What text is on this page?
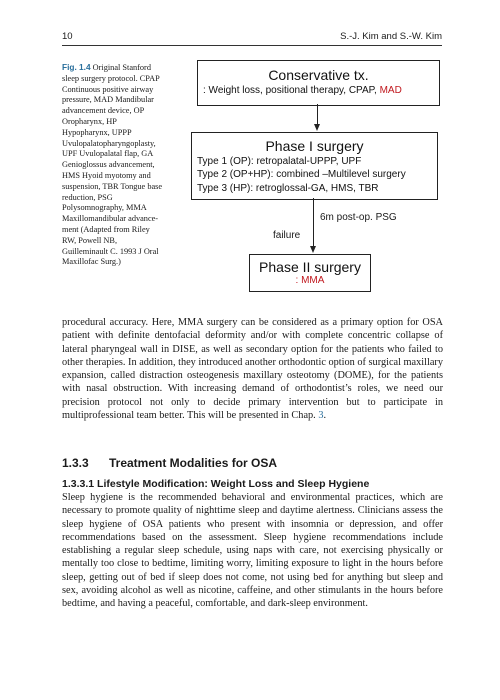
10	S.-J. Kim and S.-W. Kim
Fig. 1.4 Original Stanford
sleep surgery protocol. CPAP
Continuous positive airway
pressure, MAD Mandibular
advancement device, OP
Oropharynx, HP
Hypopharynx, UPPP
Uvulopalatopharyngoplasty,
UPF Uvulopalatal flap, GA
Genioglossus advancement,
HMS Hyoid myotomy and
suspension, TBR Tongue base
reduction, PSG
Polysomnography, MMA
Maxillomandibular advance-
ment (Adapted from Riley
RW, Powell NB,
Guilleminault C. 1993 J Oral
Maxillofac Surg.)
Conservative tx.
: Weight loss, positional therapy, CPAP, MAD
Phase I surgery
Type 1 (OP): retropalatal-UPPP, UPF
Type 2 (OP+HP): combined –Multilevel surgery
Type 3 (HP): retroglossal-GA, HMS, TBR
6m post-op. PSG
failure
Phase II surgery
: MMA

procedural accuracy. Here, MMA surgery can be considered as a primary option for OSA patient with definite dentofacial deformity and/or with complete concentric collapse of lateral pharyngeal wall in DISE, as well as secondary option for the patients who failed to other therapies. In addition, they introduced another orthodontic option of surgical maxillary expansion, called distraction osteogenesis maxillary osteotomy (DOME), for the patients with nasal obstruction. With increasing demand of orthodontist’s roles, we need our precision protocol not only to decide primary intervention but to participate in multiprofessional team better. This will be presented in Chap. 3.

1.3.3 Treatment Modalities for OSA
1.3.3.1 Lifestyle Modification: Weight Loss and Sleep Hygiene

Sleep hygiene is the recommended behavioral and environmental practices, which are necessary to promote quality of nighttime sleep and daytime alertness. Clinicians assess the sleep hygiene of OSA patients who present with insomnia or depression, and offer recommendations based on the assessment. Sleep hygiene recommendations include establishing a regular sleep schedule, using naps with care, not exercising physically or mentally too close to bedtime, limiting worry, limiting exposure to light in the hours before sleep, getting out of bed if sleep does not come, not using bed for anything but sleep and sex, avoiding alcohol as well as nicotine, caffeine, and other stimulants in the hours before bedtime, and having a peaceful, comfortable, and dark-sleep environment.
